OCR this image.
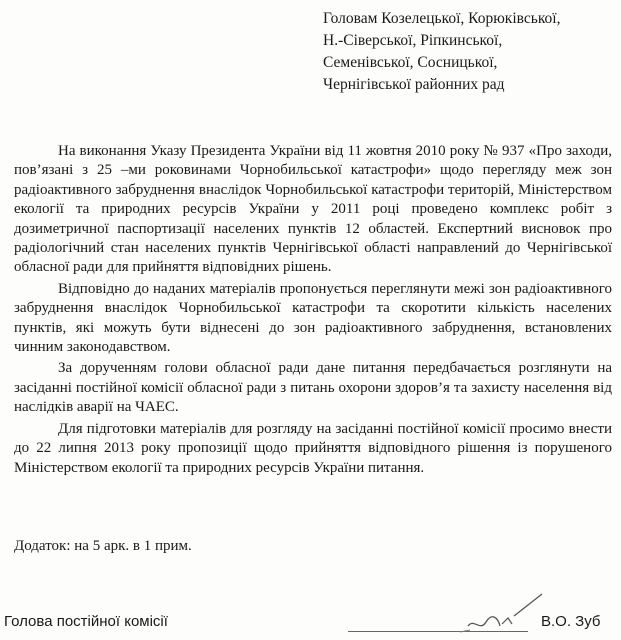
Головам Козелецької, Корюківської,
Н.-Сіверської, Ріпкинської,
Семенівської, Сосницької,
Чернігівської районних рад

На виконання Указу Президента України від 11 жовтня 2010 року № 937 «Про заходи, пов’язані з 25 –ми роковинами Чорнобильської катастрофи» щодо перегляду меж зон радіоактивного забруднення внаслідок Чорнобильської катастрофи територій, Міністерством екології та природних ресурсів України у 2011 році проведено комплекс робіт з дозиметричної паспортизації населених пунктів 12 областей. Експертний висновок про радіологічний стан населених пунктів Чернігівської області направлений до Чернігівської обласної ради для прийняття відповідних рішень.

Відповідно до наданих матеріалів пропонується переглянути межі зон радіоактивного забруднення внаслідок Чорнобильської катастрофи та скоротити кількість населених пунктів, які можуть бути віднесені до зон радіоактивного забруднення, встановлених чинним законодавством.

За дорученням голови обласної ради дане питання передбачається розглянути на засіданні постійної комісії обласної ради з питань охорони здоров’я та захисту населення від наслідків аварії на ЧАЕС.

Для підготовки матеріалів для розгляду на засіданні постійної комісії просимо внести до 22 липня 2013 року пропозиції щодо прийняття відповідного рішення із порушеного Міністерством екології та природних ресурсів України питання.

Додаток: на 5 арк. в 1 прим.
Голова постійної комісії	В.О. Зуб
